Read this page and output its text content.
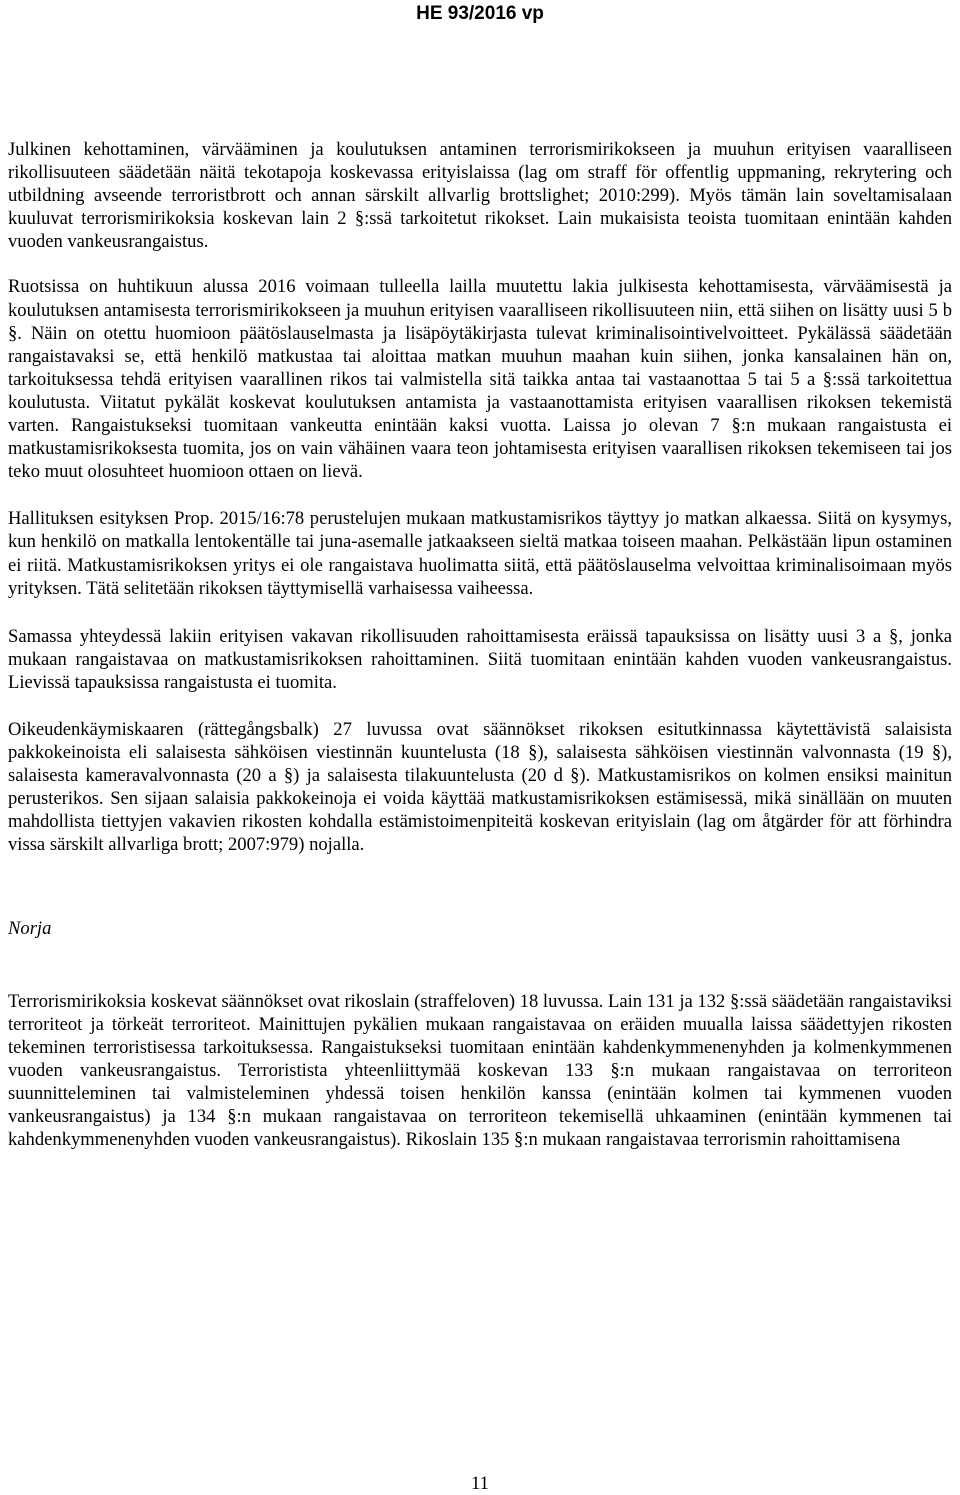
HE 93/2016 vp

Julkinen kehottaminen, värvääminen ja koulutuksen antaminen terrorismirikokseen ja muuhun erityisen vaaralliseen rikollisuuteen säädetään näitä tekotapoja koskevassa erityislaissa (lag om straff för offentlig uppmaning, rekrytering och utbildning avseende terroristbrott och annan särskilt allvarlig brottslighet; 2010:299). Myös tämän lain soveltamisalaan kuuluvat terrorismirikoksia koskevan lain 2 §:ssä tarkoitetut rikokset. Lain mukaisista teoista tuomitaan enintään kahden vuoden vankeusrangaistus.

Ruotsissa on huhtikuun alussa 2016 voimaan tulleella lailla muutettu lakia julkisesta kehottamisesta, värväämisestä ja koulutuksen antamisesta terrorismirikokseen ja muuhun erityisen vaaralliseen rikollisuuteen niin, että siihen on lisätty uusi 5 b §. Näin on otettu huomioon päätöslauselmasta ja lisäpöytäkirjasta tulevat kriminalisointivelvoitteet. Pykälässä säädetään rangaistavaksi se, että henkilö matkustaa tai aloittaa matkan muuhun maahan kuin siihen, jonka kansalainen hän on, tarkoituksessa tehdä erityisen vaarallinen rikos tai valmistella sitä taikka antaa tai vastaanottaa 5 tai 5 a §:ssä tarkoitettua koulutusta. Viitatut pykälät koskevat koulutuksen antamista ja vastaanottamista erityisen vaarallisen rikoksen tekemistä varten. Rangaistukseksi tuomitaan vankeutta enintään kaksi vuotta. Laissa jo olevan 7 §:n mukaan rangaistusta ei matkustamisrikoksesta tuomita, jos on vain vähäinen vaara teon johtamisesta erityisen vaarallisen rikoksen tekemiseen tai jos teko muut olosuhteet huomioon ottaen on lievä.

Hallituksen esityksen Prop. 2015/16:78 perustelujen mukaan matkustamisrikos täyttyy jo matkan alkaessa. Siitä on kysymys, kun henkilö on matkalla lentokentälle tai juna-asemalle jatkaakseen sieltä matkaa toiseen maahan. Pelkästään lipun ostaminen ei riitä. Matkustamisrikoksen yritys ei ole rangaistava huolimatta siitä, että päätöslauselma velvoittaa kriminalisoimaan myös yrityksen. Tätä selitetään rikoksen täyttymisellä varhaisessa vaiheessa.

Samassa yhteydessä lakiin erityisen vakavan rikollisuuden rahoittamisesta eräissä tapauksissa on lisätty uusi 3 a §, jonka mukaan rangaistavaa on matkustamisrikoksen rahoittaminen. Siitä tuomitaan enintään kahden vuoden vankeusrangaistus. Lievissä tapauksissa rangaistusta ei tuomita.

Oikeudenkäymiskaaren (rättegångsbalk) 27 luvussa ovat säännökset rikoksen esitutkinnassa käytettävistä salaisista pakkokeinoista eli salaisesta sähköisen viestinnän kuuntelusta (18 §), salaisesta sähköisen viestinnän valvonnasta (19 §), salaisesta kameravalvonnasta (20 a §) ja salaisesta tilakuuntelusta (20 d §). Matkustamisrikos on kolmen ensiksi mainitun perusterikos. Sen sijaan salaisia pakkokeinoja ei voida käyttää matkustamisrikoksen estämisessä, mikä sinällään on muuten mahdollista tiettyjen vakavien rikosten kohdalla estämistoimenpiteitä koskevan erityislain (lag om åtgärder för att förhindra vissa särskilt allvarliga brott; 2007:979) nojalla.

Norja

Terrorismirikoksia koskevat säännökset ovat rikoslain (straffeloven) 18 luvussa. Lain 131 ja 132 §:ssä säädetään rangaistaviksi terroriteot ja törkeät terroriteot. Mainittujen pykälien mukaan rangaistavaa on eräiden muualla laissa säädettyjen rikosten tekeminen terroristisessa tarkoituksessa. Rangaistukseksi tuomitaan enintään kahdenkymmenenyhden ja kolmenkymmenen vuoden vankeusrangaistus. Terroristista yhteenliittymää koskevan 133 §:n mukaan rangaistavaa on terroriteon suunnitteleminen tai valmisteleminen yhdessä toisen henkilön kanssa (enintään kolmen tai kymmenen vuoden vankeusrangaistus) ja 134 §:n mukaan rangaistavaa on terroriteon tekemisellä uhkaaminen (enintään kymmenen tai kahdenkymmenenyhden vuoden vankeusrangaistus). Rikoslain 135 §:n mukaan rangaistavaa terrorismin rahoittamisena

11
